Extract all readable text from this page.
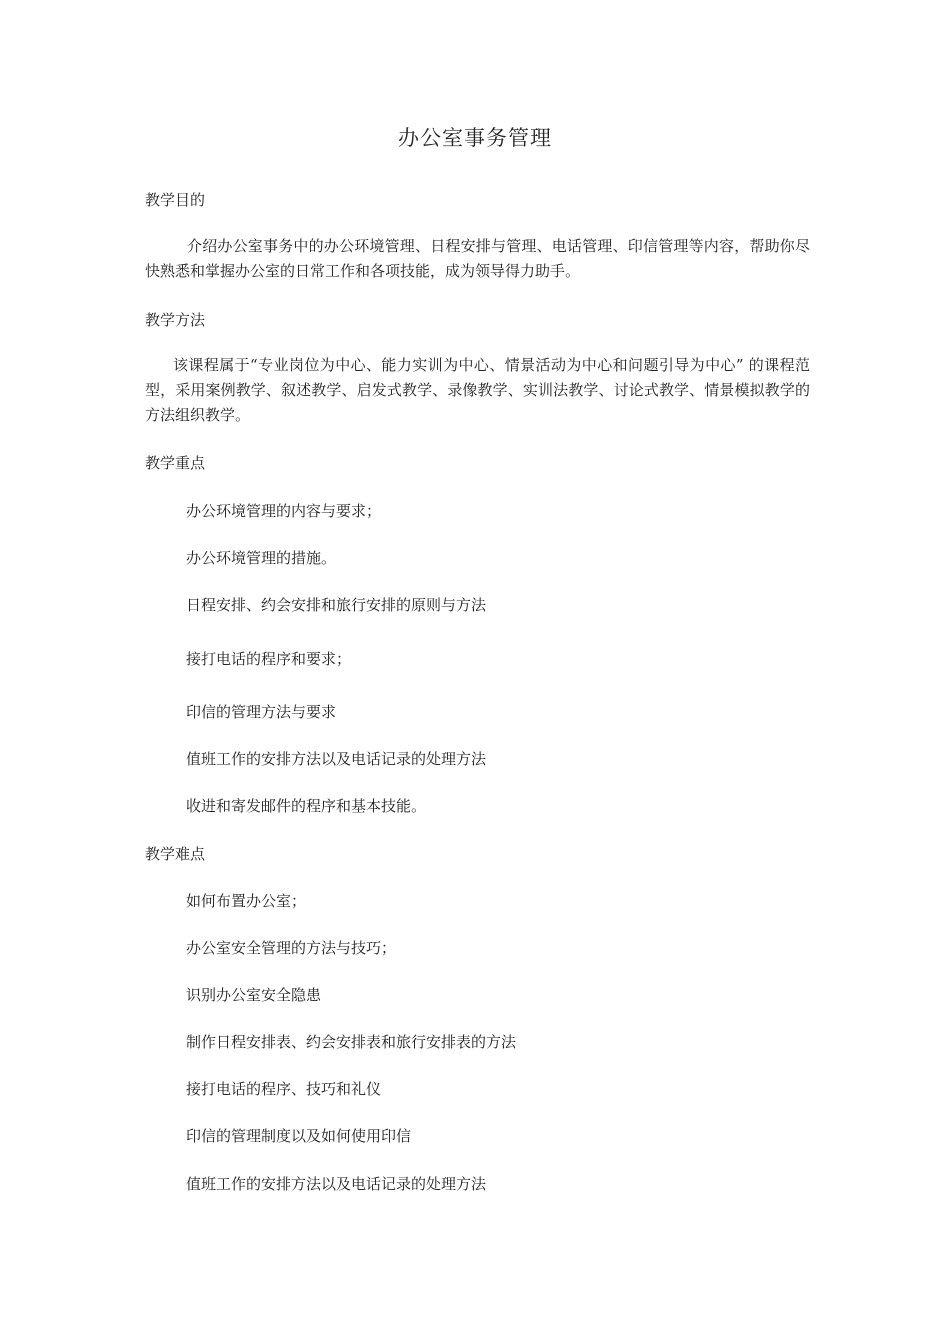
办公室事务管理
教学目的
介绍办公室事务中的办公环境管理、日程安排与管理、电话管理、印信管理等内容，帮助你尽快熟悉和掌握办公室的日常工作和各项技能，成为领导得力助手。
教学方法
该课程属于“专业岗位为中心、能力实训为中心、情景活动为中心和问题引导为中心” 的课程范型，采用案例教学、叙述教学、启发式教学、录像教学、实训法教学、讨论式教学、情景模拟教学的方法组织教学。
教学重点
办公环境管理的内容与要求；
办公环境管理的措施。
日程安排、约会安排和旅行安排的原则与方法
接打电话的程序和要求；
印信的管理方法与要求
值班工作的安排方法以及电话记录的处理方法
收进和寄发邮件的程序和基本技能。
教学难点
如何布置办公室；
办公室安全管理的方法与技巧；
识别办公室安全隐患
制作日程安排表、约会安排表和旅行安排表的方法
接打电话的程序、技巧和礼仪
印信的管理制度以及如何使用印信
值班工作的安排方法以及电话记录的处理方法
